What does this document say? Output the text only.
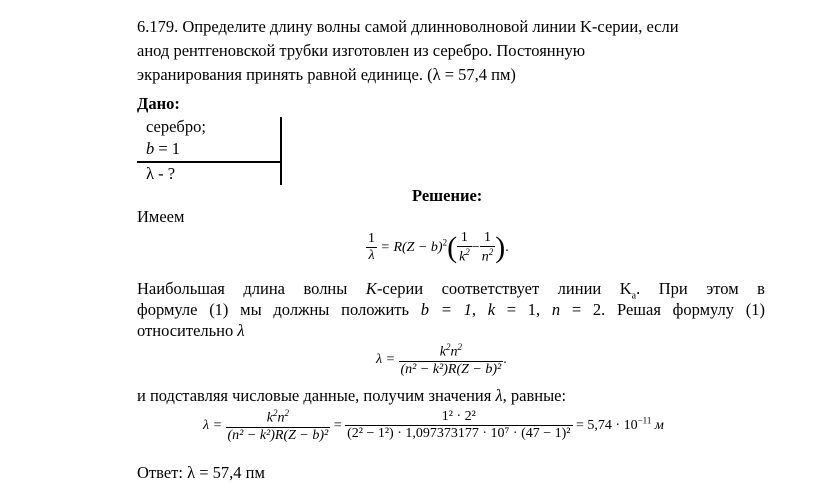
6.179. Определите длину волны самой длинноволновой линии K-серии, если
анод рентгеновской трубки изготовлен из серебро. Постоянную
экранирования принять равной единице. (λ = 57,4 пм)
Дано:
серебро;
b = 1
λ - ?
Решение:
Имеем
$\frac{1}{\lambda} = R(Z - b)^2( \frac{1}{k^2} - \frac{1}{n^2}$ ).
Наибольшая длина волны K-серии соответствует линии $K_a$. При этом в
формуле (1) мы должны положить b = 1, k = 1, n = 2. Решая формулу (1)
относительно λ
$\lambda = \frac{k^2n^2}{\text{(n² − k²)R(Z − b)²}}$ .
и подставляя числовые данные, получим значения λ, равные:
$\lambda = \frac{k^2n^2}{\text{(n² − k²)R(Z − b)²}} = \frac{\text{1² · 2²}}{\text{(2² − 1²) · 1,097373177 · 10⁷ · (47 − 1)²}} = 5,74 \cdot 10^{-11}$ м
Ответ: λ = 57,4 пм
